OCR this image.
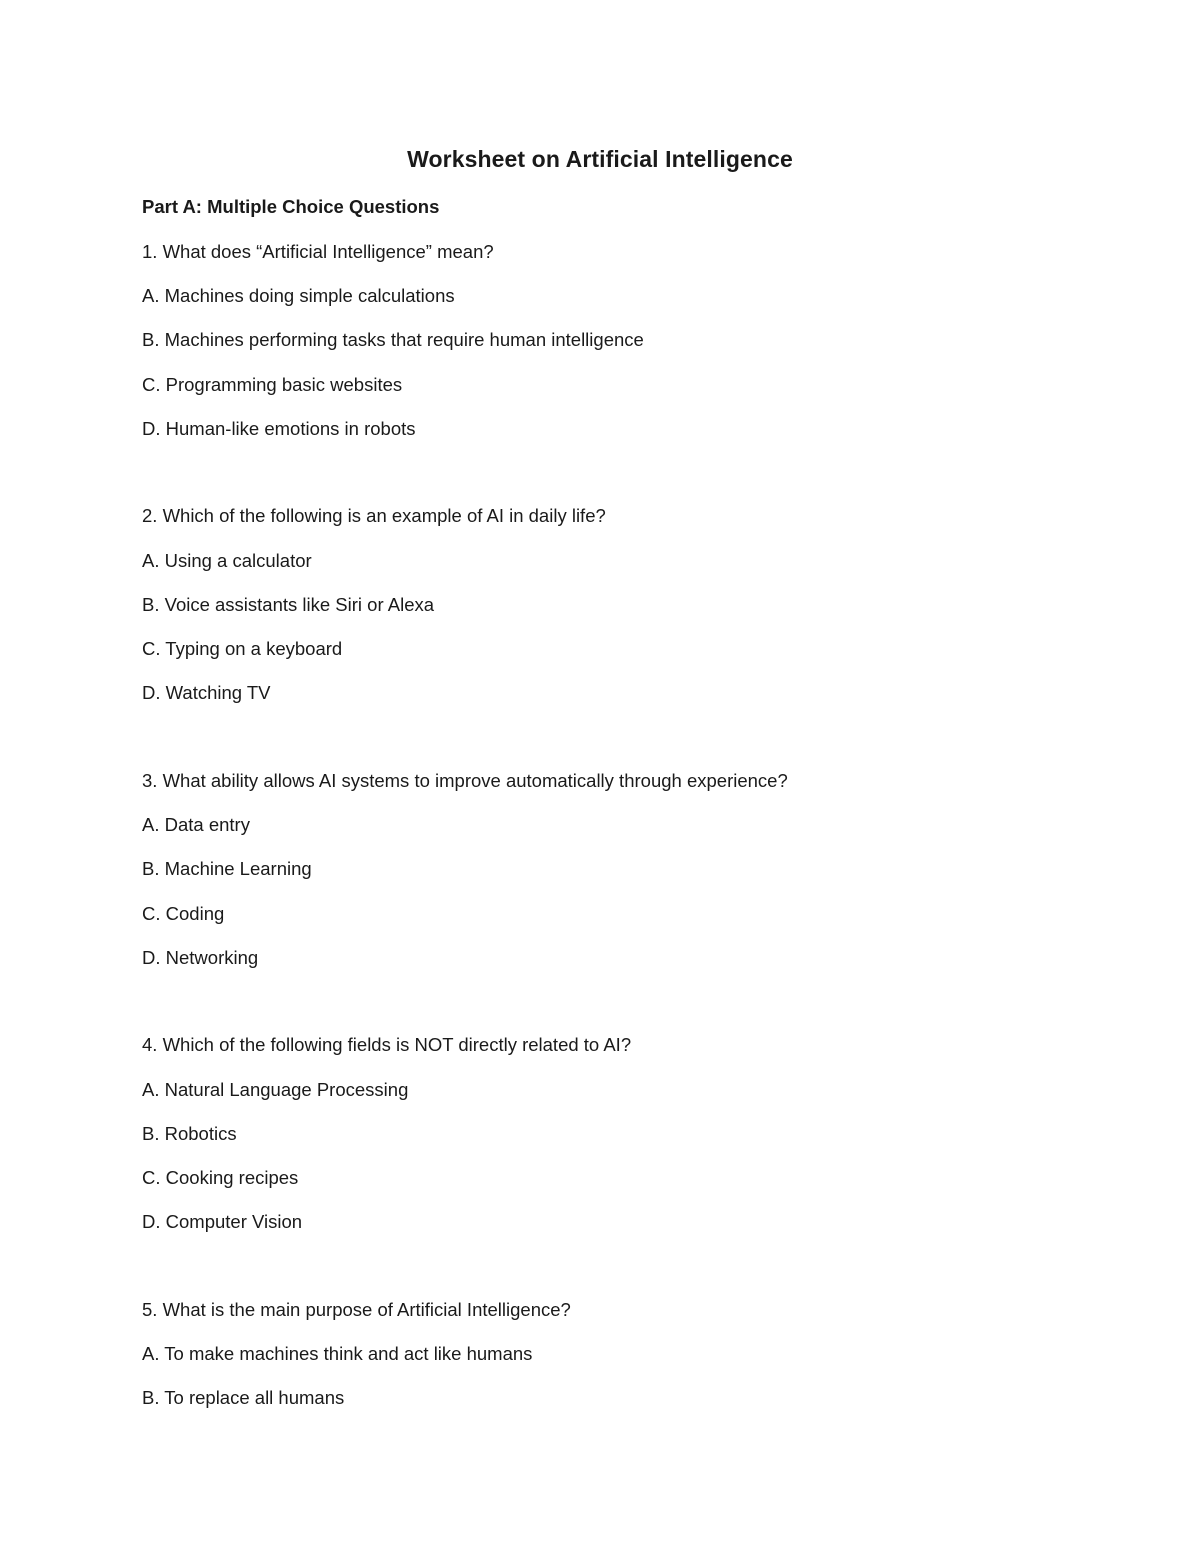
Worksheet on Artificial Intelligence
Part A: Multiple Choice Questions
1. What does “Artificial Intelligence” mean?
A. Machines doing simple calculations
B. Machines performing tasks that require human intelligence
C. Programming basic websites
D. Human-like emotions in robots
2. Which of the following is an example of AI in daily life?
A. Using a calculator
B. Voice assistants like Siri or Alexa
C. Typing on a keyboard
D. Watching TV
3. What ability allows AI systems to improve automatically through experience?
A. Data entry
B. Machine Learning
C. Coding
D. Networking
4. Which of the following fields is NOT directly related to AI?
A. Natural Language Processing
B. Robotics
C. Cooking recipes
D. Computer Vision
5. What is the main purpose of Artificial Intelligence?
A. To make machines think and act like humans
B. To replace all humans
